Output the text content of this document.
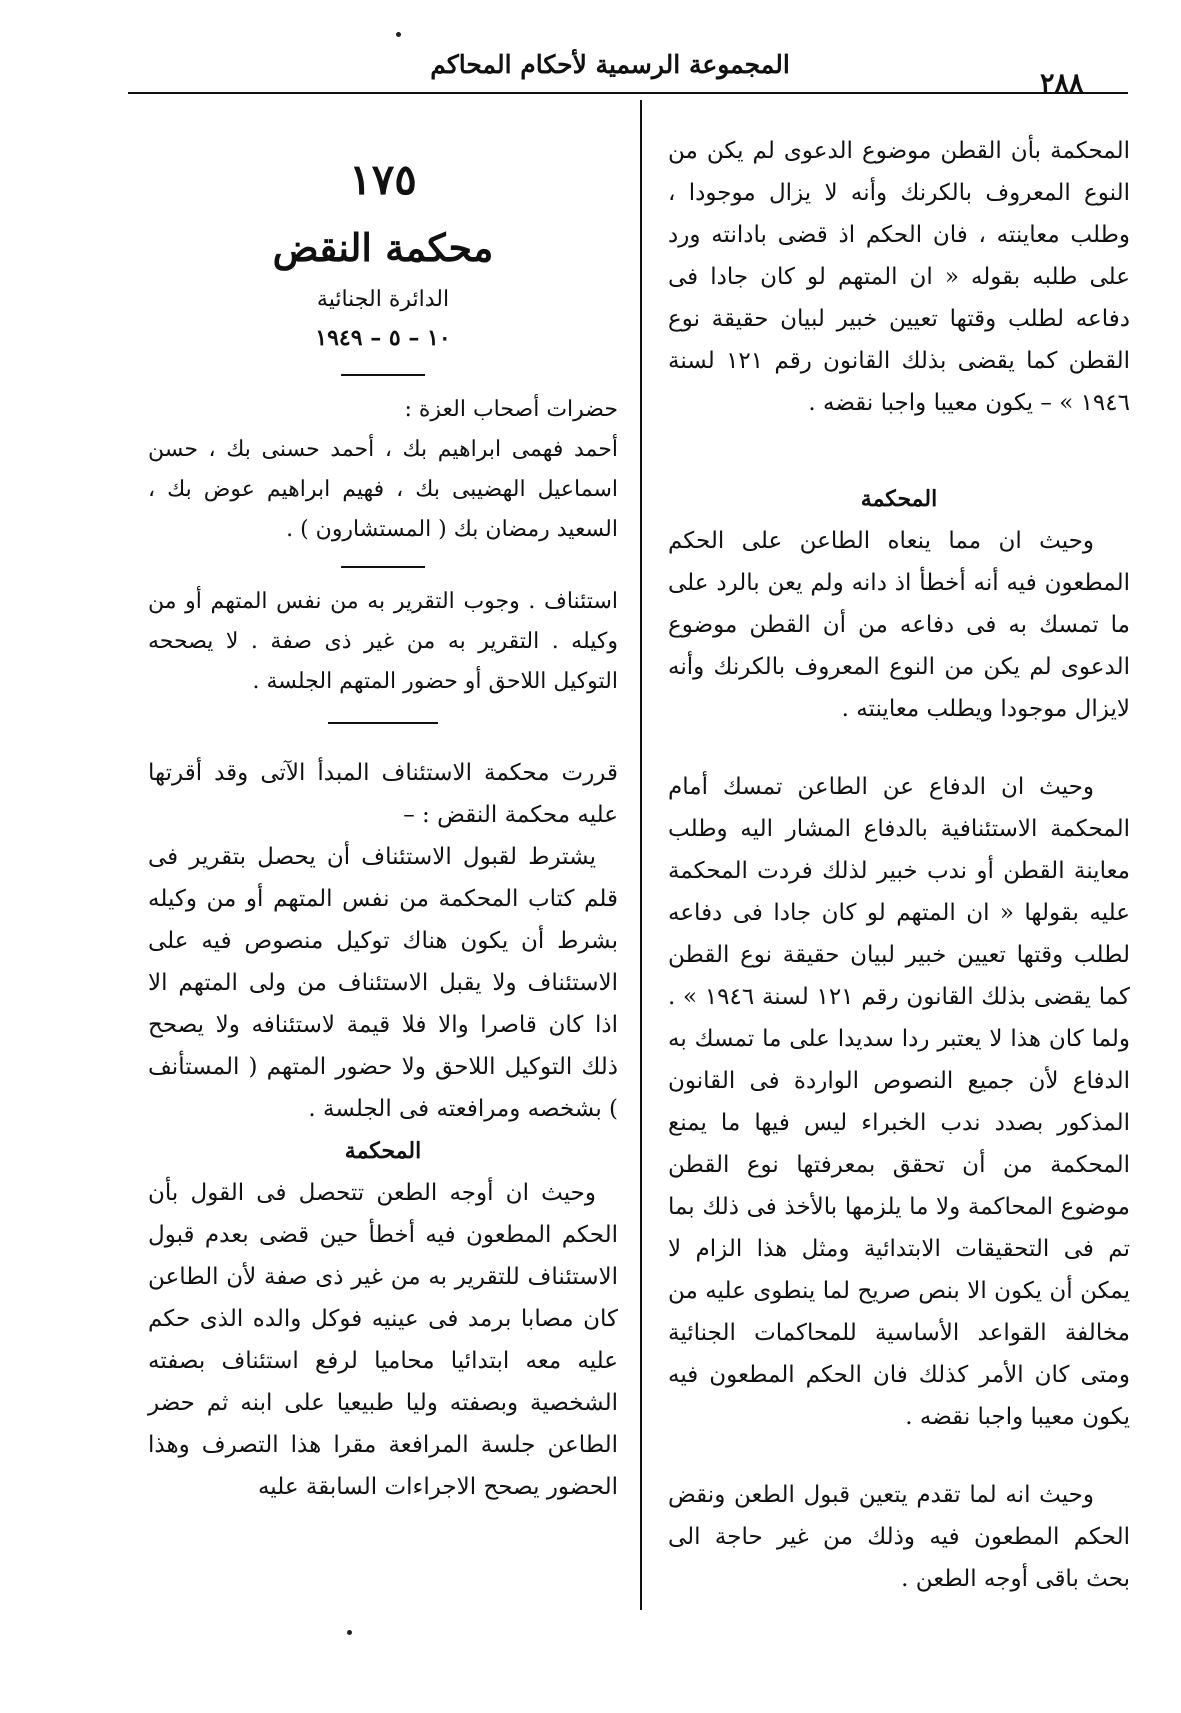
المجموعة الرسمية لأحكام المحاكم
٢٨٨

المحكمة بأن القطن موضوع الدعوى لم يكن من النوع المعروف بالكرنك وأنه لا يزال موجودا ، وطلب معاينته ، فان الحكم اذ قضى بادانته ورد على طلبه بقوله « ان المتهم لو كان جادا فى دفاعه لطلب وقتها تعيين خبير لبيان حقيقة نوع القطن كما يقضى بذلك القانون رقم ١٢١ لسنة ١٩٤٦ » – يكون معيبا واجبا نقضه .

المحكمة

وحيث ان مما ينعاه الطاعن على الحكم المطعون فيه أنه أخطأ اذ دانه ولم يعن بالرد على ما تمسك به فى دفاعه من أن القطن موضوع الدعوى لم يكن من النوع المعروف بالكرنك وأنه لايزال موجودا ويطلب معاينته .

وحيث ان الدفاع عن الطاعن تمسك أمام المحكمة الاستئنافية بالدفاع المشار اليه وطلب معاينة القطن أو ندب خبير لذلك فردت المحكمة عليه بقولها « ان المتهم لو كان جادا فى دفاعه لطلب وقتها تعيين خبير لبيان حقيقة نوع القطن كما يقضى بذلك القانون رقم ١٢١ لسنة ١٩٤٦ » . ولما كان هذا لا يعتبر ردا سديدا على ما تمسك به الدفاع لأن جميع النصوص الواردة فى القانون المذكور بصدد ندب الخبراء ليس فيها ما يمنع المحكمة من أن تحقق بمعرفتها نوع القطن موضوع المحاكمة ولا ما يلزمها بالأخذ فى ذلك بما تم فى التحقيقات الابتدائية ومثل هذا الزام لا يمكن أن يكون الا بنص صريح لما ينطوى عليه من مخالفة القواعد الأساسية للمحاكمات الجنائية ومتى كان الأمر كذلك فان الحكم المطعون فيه يكون معيبا واجبا نقضه .

وحيث انه لما تقدم يتعين قبول الطعن ونقض الحكم المطعون فيه وذلك من غير حاجة الى بحث باقى أوجه الطعن .

١٧٥
محكمة النقض
الدائرة الجنائية
١٠ – ٥ – ١٩٤٩

حضرات أصحاب العزة :

أحمد فهمى ابراهيم بك ، أحمد حسنى بك ، حسن اسماعيل الهضيبى بك ، فهيم ابراهيم عوض بك ، السعيد رمضان بك ( المستشارون ) .

استئناف . وجوب التقرير به من نفس المتهم أو من وكيله . التقرير به من غير ذى صفة . لا يصححه التوكيل اللاحق أو حضور المتهم الجلسة .

قررت محكمة الاستئناف المبدأ الآتى وقد أقرتها عليه محكمة النقض : –

يشترط لقبول الاستئناف أن يحصل بتقرير فى قلم كتاب المحكمة من نفس المتهم أو من وكيله بشرط أن يكون هناك توكيل منصوص فيه على الاستئناف ولا يقبل الاستئناف من ولى المتهم الا اذا كان قاصرا والا فلا قيمة لاستئنافه ولا يصحح ذلك التوكيل اللاحق ولا حضور المتهم ( المستأنف ) بشخصه ومرافعته فى الجلسة .

المحكمة

وحيث ان أوجه الطعن تتحصل فى القول بأن الحكم المطعون فيه أخطأ حين قضى بعدم قبول الاستئناف للتقرير به من غير ذى صفة لأن الطاعن كان مصابا برمد فى عينيه فوكل والده الذى حكم عليه معه ابتدائيا محاميا لرفع استئناف بصفته الشخصية وبصفته وليا طبيعيا على ابنه ثم حضر الطاعن جلسة المرافعة مقرا هذا التصرف وهذا الحضور يصحح الاجراءات السابقة عليه
